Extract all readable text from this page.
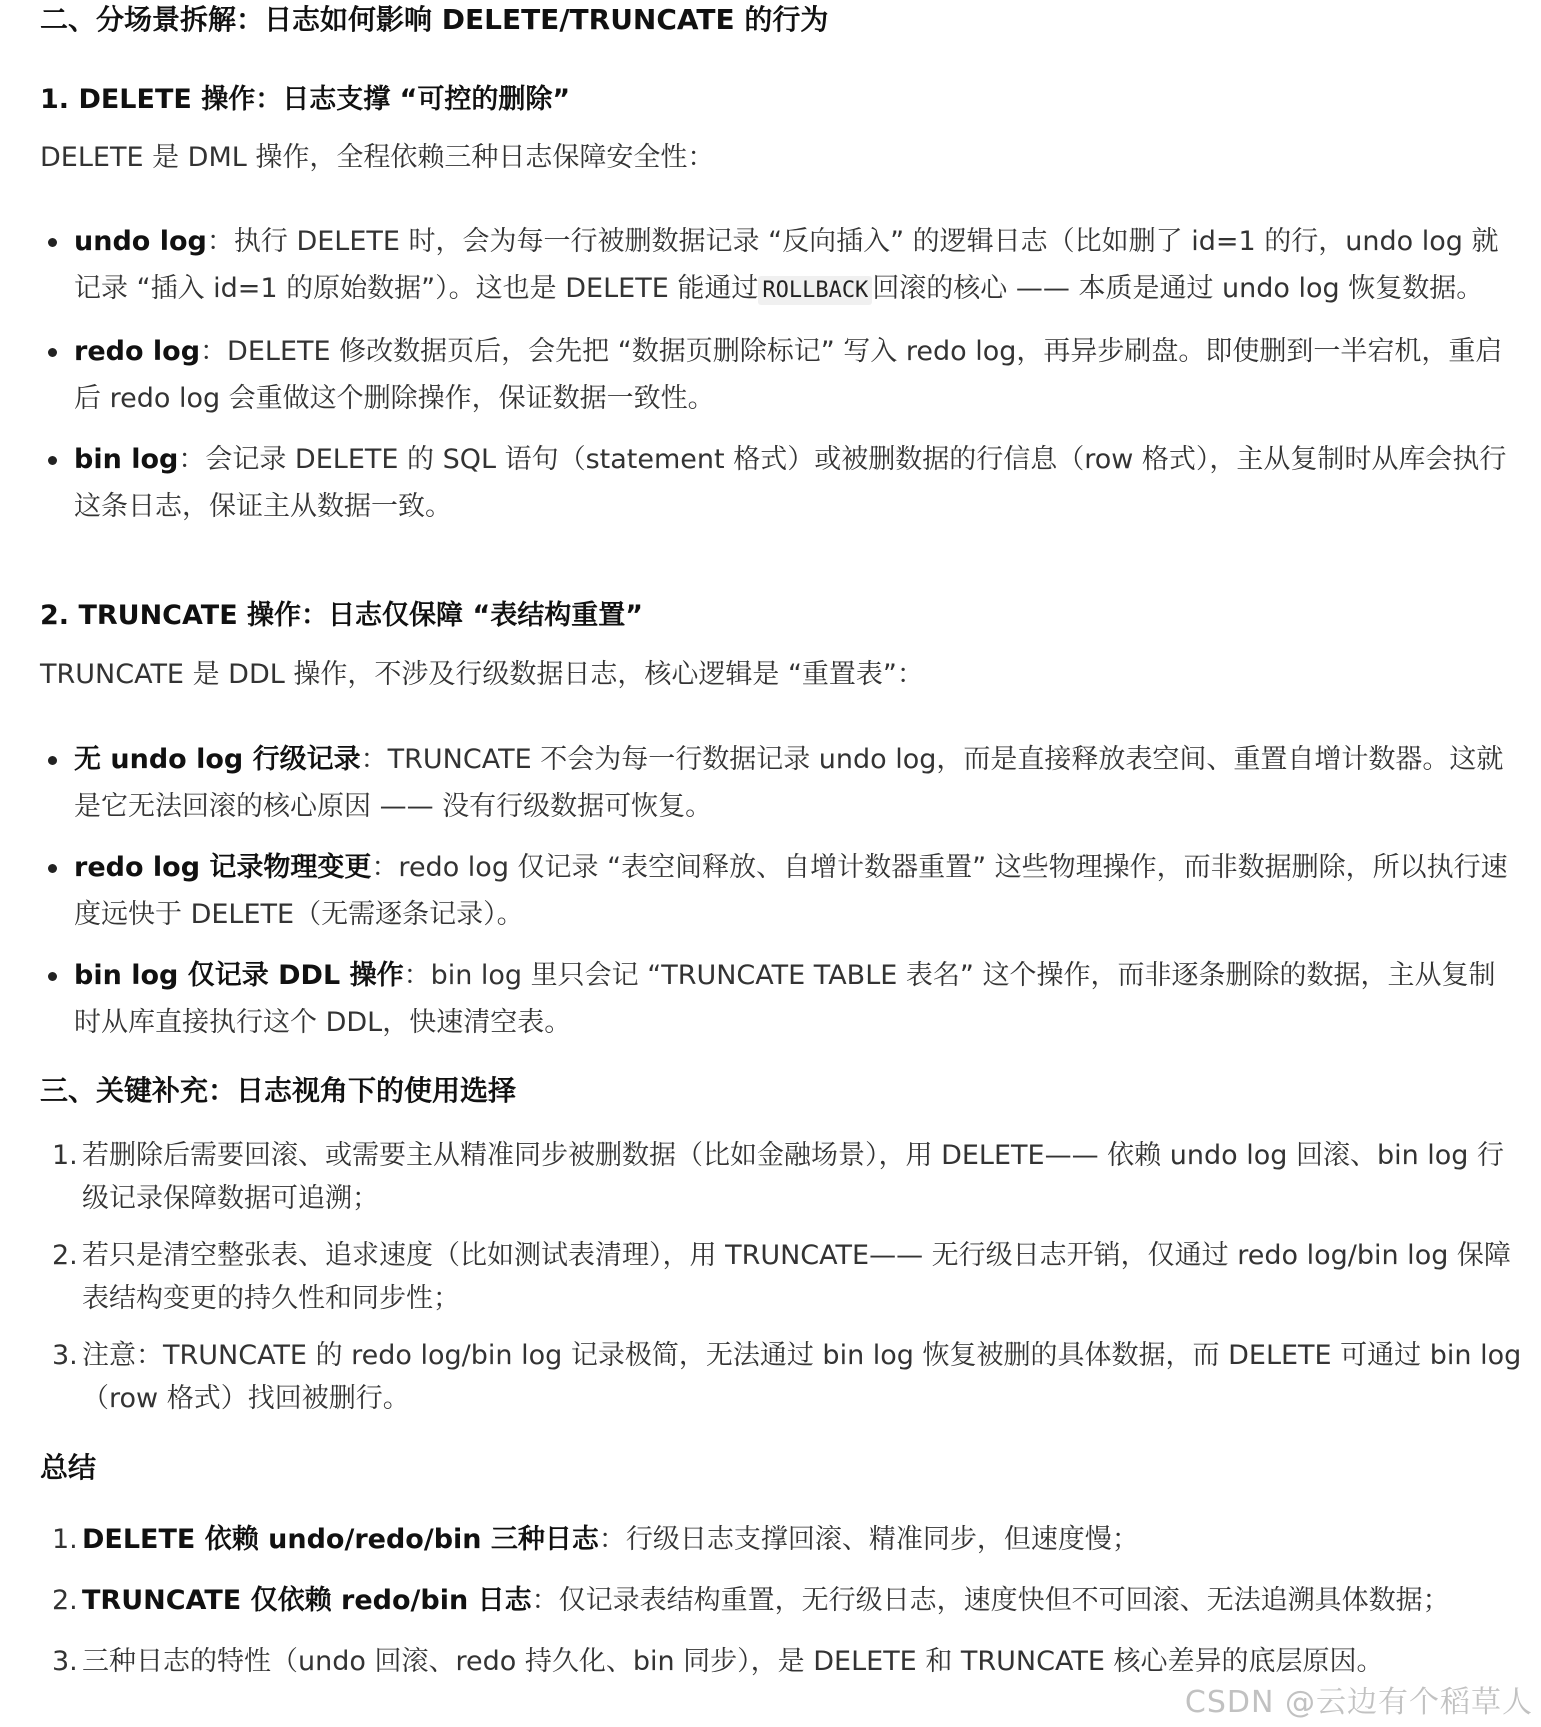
二、分场景拆解：日志如何影响 DELETE/TRUNCATE 的行为
1. DELETE 操作：日志支撑 “可控的删除”

DELETE 是 DML 操作，全程依赖三种日志保障安全性：

undo log：执行 DELETE 时，会为每一行被删数据记录 “反向插入” 的逻辑日志（比如删了 id=1 的行，undo log 就记录 “插入 id=1 的原始数据”）。这也是 DELETE 能通过 ROLLBACK 回滚的核心 —— 本质是通过 undo log 恢复数据。
redo log：DELETE 修改数据页后，会先把 “数据页删除标记” 写入 redo log，再异步刷盘。即使删到一半宕机，重启后 redo log 会重做这个删除操作，保证数据一致性。
bin log：会记录 DELETE 的 SQL 语句（statement 格式）或被删数据的行信息（row 格式），主从复制时从库会执行这条日志，保证主从数据一致。
2. TRUNCATE 操作：日志仅保障 “表结构重置”

TRUNCATE 是 DDL 操作，不涉及行级数据日志，核心逻辑是 “重置表”：

无 undo log 行级记录：TRUNCATE 不会为每一行数据记录 undo log，而是直接释放表空间、重置自增计数器。这就是它无法回滚的核心原因 —— 没有行级数据可恢复。
redo log 记录物理变更：redo log 仅记录 “表空间释放、自增计数器重置” 这些物理操作，而非数据删除，所以执行速度远快于 DELETE（无需逐条记录）。
bin log 仅记录 DDL 操作：bin log 里只会记 “TRUNCATE TABLE 表名” 这个操作，而非逐条删除的数据，主从复制时从库直接执行这个 DDL，快速清空表。
三、关键补充：日志视角下的使用选择
1. 若删除后需要回滚、或需要主从精准同步被删数据（比如金融场景），用 DELETE—— 依赖 undo log 回滚、bin log 行级记录保障数据可追溯；
2. 若只是清空整张表、追求速度（比如测试表清理），用 TRUNCATE—— 无行级日志开销，仅通过 redo log/bin log 保障表结构变更的持久性和同步性；
3. 注意：TRUNCATE 的 redo log/bin log 记录极简，无法通过 bin log 恢复被删的具体数据，而 DELETE 可通过 bin log（row 格式）找回被删行。
总结
1. DELETE 依赖 undo/redo/bin 三种日志：行级日志支撑回滚、精准同步，但速度慢；
2. TRUNCATE 仅依赖 redo/bin 日志：仅记录表结构重置，无行级日志，速度快但不可回滚、无法追溯具体数据；
3. 三种日志的特性（undo 回滚、redo 持久化、bin 同步），是 DELETE 和 TRUNCATE 核心差异的底层原因。
CSDN @云边有个稻草人
